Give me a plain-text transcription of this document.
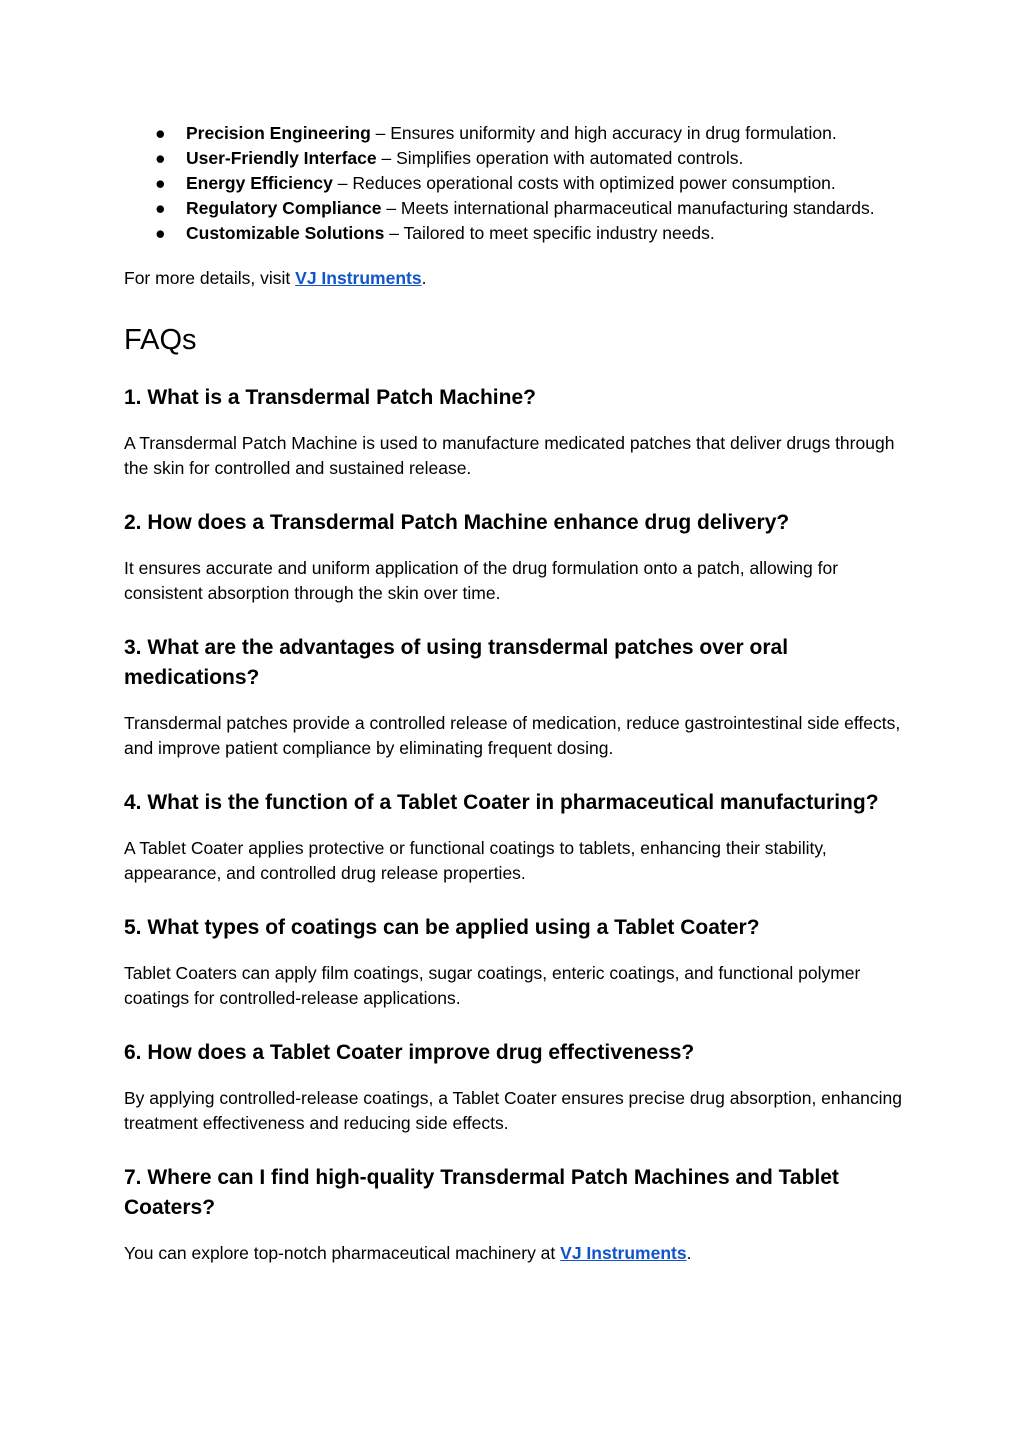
● Precision Engineering – Ensures uniformity and high accuracy in drug formulation.
● User-Friendly Interface – Simplifies operation with automated controls.
● Energy Efficiency – Reduces operational costs with optimized power consumption.
● Regulatory Compliance – Meets international pharmaceutical manufacturing standards.
● Customizable Solutions – Tailored to meet specific industry needs.

For more details, visit VJ Instruments.

FAQs
1. What is a Transdermal Patch Machine?

A Transdermal Patch Machine is used to manufacture medicated patches that deliver drugs through the skin for controlled and sustained release.

2. How does a Transdermal Patch Machine enhance drug delivery?

It ensures accurate and uniform application of the drug formulation onto a patch, allowing for consistent absorption through the skin over time.

3. What are the advantages of using transdermal patches over oral medications?

Transdermal patches provide a controlled release of medication, reduce gastrointestinal side effects, and improve patient compliance by eliminating frequent dosing.

4. What is the function of a Tablet Coater in pharmaceutical manufacturing?

A Tablet Coater applies protective or functional coatings to tablets, enhancing their stability, appearance, and controlled drug release properties.

5. What types of coatings can be applied using a Tablet Coater?

Tablet Coaters can apply film coatings, sugar coatings, enteric coatings, and functional polymer coatings for controlled-release applications.

6. How does a Tablet Coater improve drug effectiveness?

By applying controlled-release coatings, a Tablet Coater ensures precise drug absorption, enhancing treatment effectiveness and reducing side effects.

7. Where can I find high-quality Transdermal Patch Machines and Tablet Coaters?

You can explore top-notch pharmaceutical machinery at VJ Instruments.
